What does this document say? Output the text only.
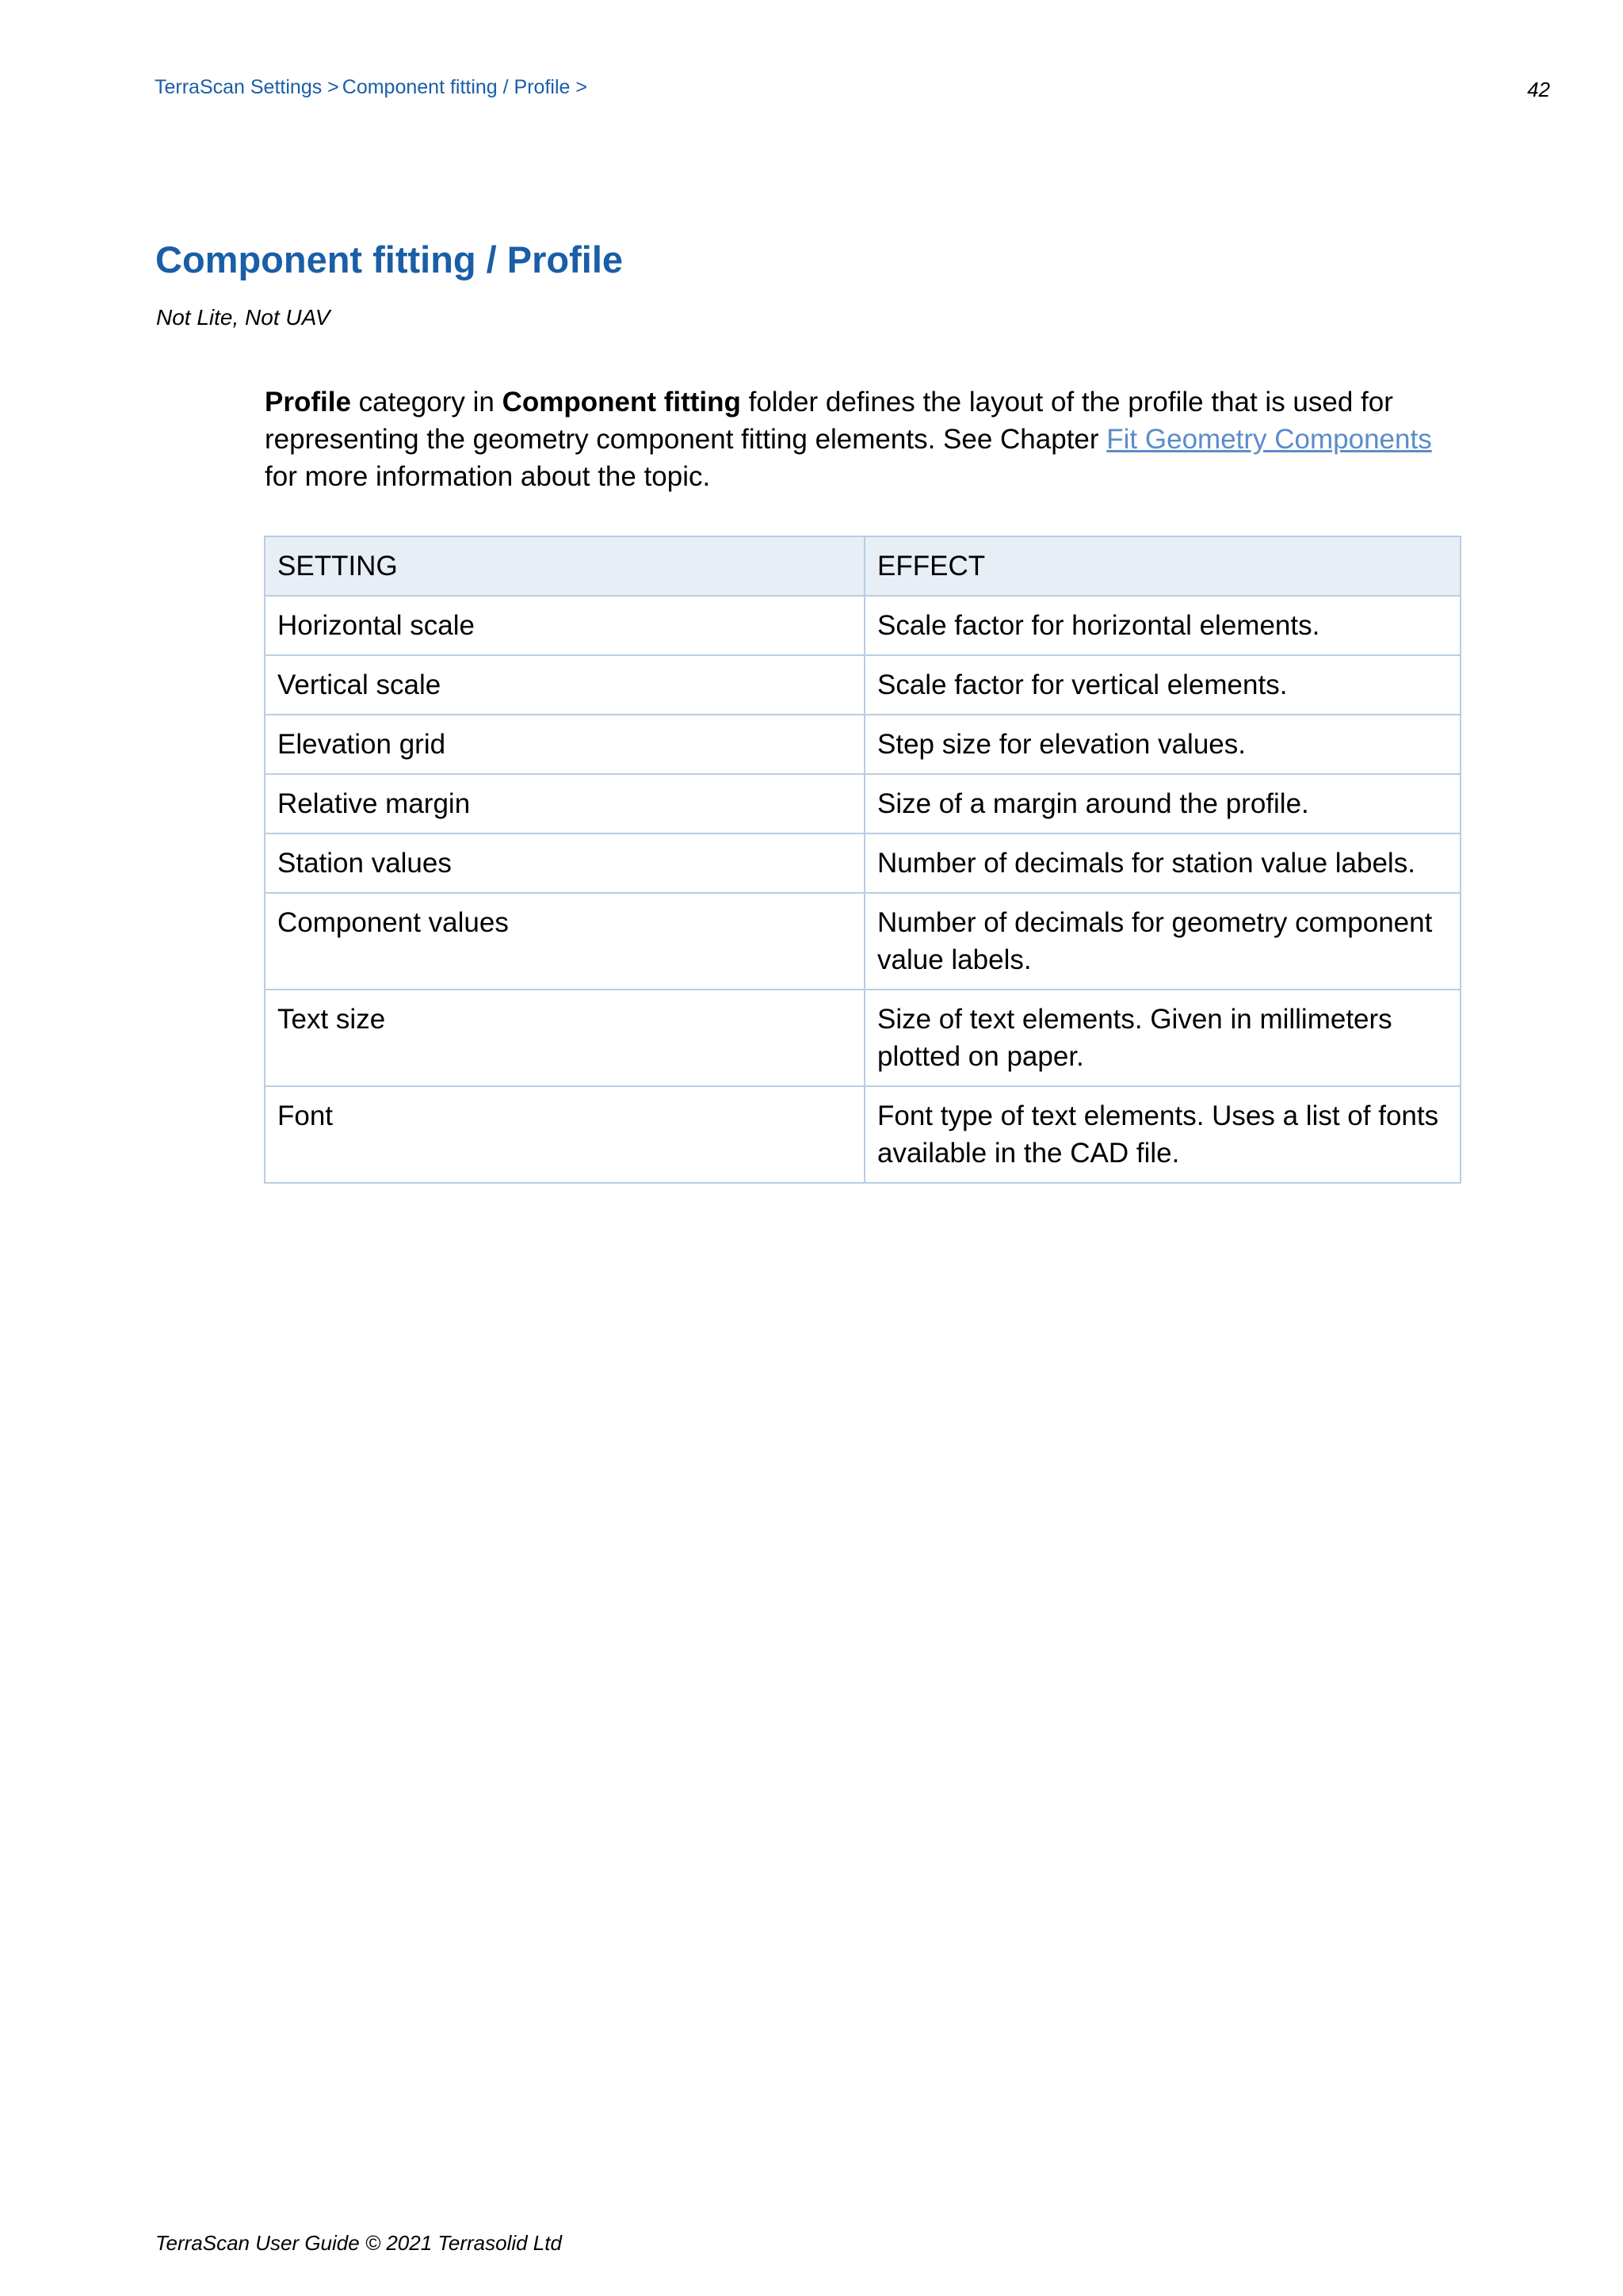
TerraScan Settings > Component fitting / Profile >	42
Component fitting / Profile
Not Lite, Not UAV

Profile category in Component fitting folder defines the layout of the profile that is used for representing the geometry component fitting elements. See Chapter Fit Geometry Components for more information about the topic.

SETTING	EFFECT
Horizontal scale	Scale factor for horizontal elements.
Vertical scale	Scale factor for vertical elements.
Elevation grid	Step size for elevation values.
Relative margin	Size of a margin around the profile.
Station values	Number of decimals for station value labels.
Component values	Number of decimals for geometry component value labels.
Text size	Size of text elements. Given in millimeters plotted on paper.
Font	Font type of text elements. Uses a list of fonts available in the CAD file.
TerraScan User Guide © 2021 Terrasolid Ltd
